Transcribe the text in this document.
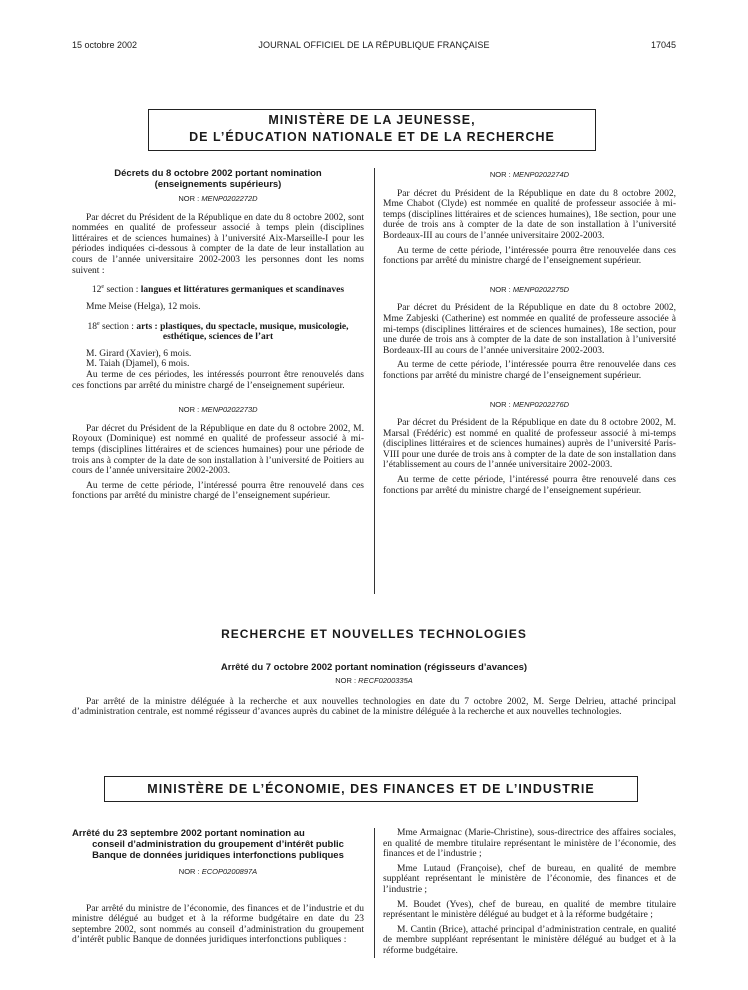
15 octobre 2002	JOURNAL OFFICIEL DE LA RÉPUBLIQUE FRANÇAISE	17045
MINISTÈRE DE LA JEUNESSE,
DE L’ÉDUCATION NATIONALE ET DE LA RECHERCHE
Décrets du 8 octobre 2002 portant nomination
(enseignements supérieurs)
NOR : MENP0202272D

Par décret du Président de la République en date du 8 octobre 2002, sont nommées en qualité de professeur associé à temps plein (disciplines littéraires et de sciences humaines) à l’université Aix-Marseille-I pour les périodes indiquées ci-dessous à compter de la date de leur installation au cours de l’année universitaire 2002-2003 les personnes dont les noms suivent :

12e section : langues et littératures germaniques et scandinaves

Mme Meise (Helga), 12 mois.

18e section : arts : plastiques, du spectacle, musique, musicologie, esthétique, sciences de l’art

M. Girard (Xavier), 6 mois.

M. Taiah (Djamel), 6 mois.

Au terme de ces périodes, les intéressés pourront être renouvelés dans ces fonctions par arrêté du ministre chargé de l’enseignement supérieur.

NOR : MENP0202273D

Par décret du Président de la République en date du 8 octobre 2002, M. Royoux (Dominique) est nommé en qualité de professeur associé à mi-temps (disciplines littéraires et de sciences humaines) pour une période de trois ans à compter de la date de son installation à l’université de Poitiers au cours de l’année universitaire 2002-2003.

Au terme de cette période, l’intéressé pourra être renouvelé dans ces fonctions par arrêté du ministre chargé de l’enseignement supérieur.

NOR : MENP0202274D

Par décret du Président de la République en date du 8 octobre 2002, Mme Chabot (Clyde) est nommée en qualité de professeur associée à mi-temps (disciplines littéraires et de sciences humaines), 18e section, pour une durée de trois ans à compter de la date de son installation à l’université Bordeaux-III au cours de l’année universitaire 2002-2003.

Au terme de cette période, l’intéressée pourra être renouvelée dans ces fonctions par arrêté du ministre chargé de l’enseignement supérieur.

NOR : MENP0202275D

Par décret du Président de la République en date du 8 octobre 2002, Mme Zabjeski (Catherine) est nommée en qualité de professeure associée à mi-temps (disciplines littéraires et de sciences humaines), 18e section, pour une durée de trois ans à compter de la date de son installation à l’université Bordeaux-III au cours de l’année universitaire 2002-2003.

Au terme de cette période, l’intéressée pourra être renouvelée dans ces fonctions par arrêté du ministre chargé de l’enseignement supérieur.

NOR : MENP0202276D

Par décret du Président de la République en date du 8 octobre 2002, M. Marsal (Frédéric) est nommé en qualité de professeur associé à mi-temps (disciplines littéraires et de sciences humaines) auprès de l’université Paris-VIII pour une durée de trois ans à compter de la date de son installation dans l’établissement au cours de l’année universitaire 2002-2003.

Au terme de cette période, l’intéressé pourra être renouvelé dans ces fonctions par arrêté du ministre chargé de l’enseignement supérieur.

RECHERCHE ET NOUVELLES TECHNOLOGIES
Arrêté du 7 octobre 2002 portant nomination (régisseurs d’avances)
NOR : RECF0200335A

Par arrêté de la ministre déléguée à la recherche et aux nouvelles technologies en date du 7 octobre 2002, M. Serge Delrieu, attaché principal d’administration centrale, est nommé régisseur d’avances auprès du cabinet de la ministre déléguée à la recherche et aux nouvelles technologies.

MINISTÈRE DE L’ÉCONOMIE, DES FINANCES ET DE L’INDUSTRIE
Arrêté du 23 septembre 2002 portant nomination au
conseil d’administration du groupement d’intérêt public
Banque de données juridiques interfonctions publiques
NOR : ECOP0200897A

Par arrêté du ministre de l’économie, des finances et de l’industrie et du ministre délégué au budget et à la réforme budgétaire en date du 23 septembre 2002, sont nommés au conseil d’administration du groupement d’intérêt public Banque de données juridiques interfonctions publiques :

Mme Armaignac (Marie-Christine), sous-directrice des affaires sociales, en qualité de membre titulaire représentant le ministère de l’économie, des finances et de l’industrie ;

Mme Lutaud (Françoise), chef de bureau, en qualité de membre suppléant représentant le ministère de l’économie, des finances et de l’industrie ;

M. Boudet (Yves), chef de bureau, en qualité de membre titulaire représentant le ministère délégué au budget et à la réforme budgétaire ;

M. Cantin (Brice), attaché principal d’administration centrale, en qualité de membre suppléant représentant le ministère délégué au budget et à la réforme budgétaire.
